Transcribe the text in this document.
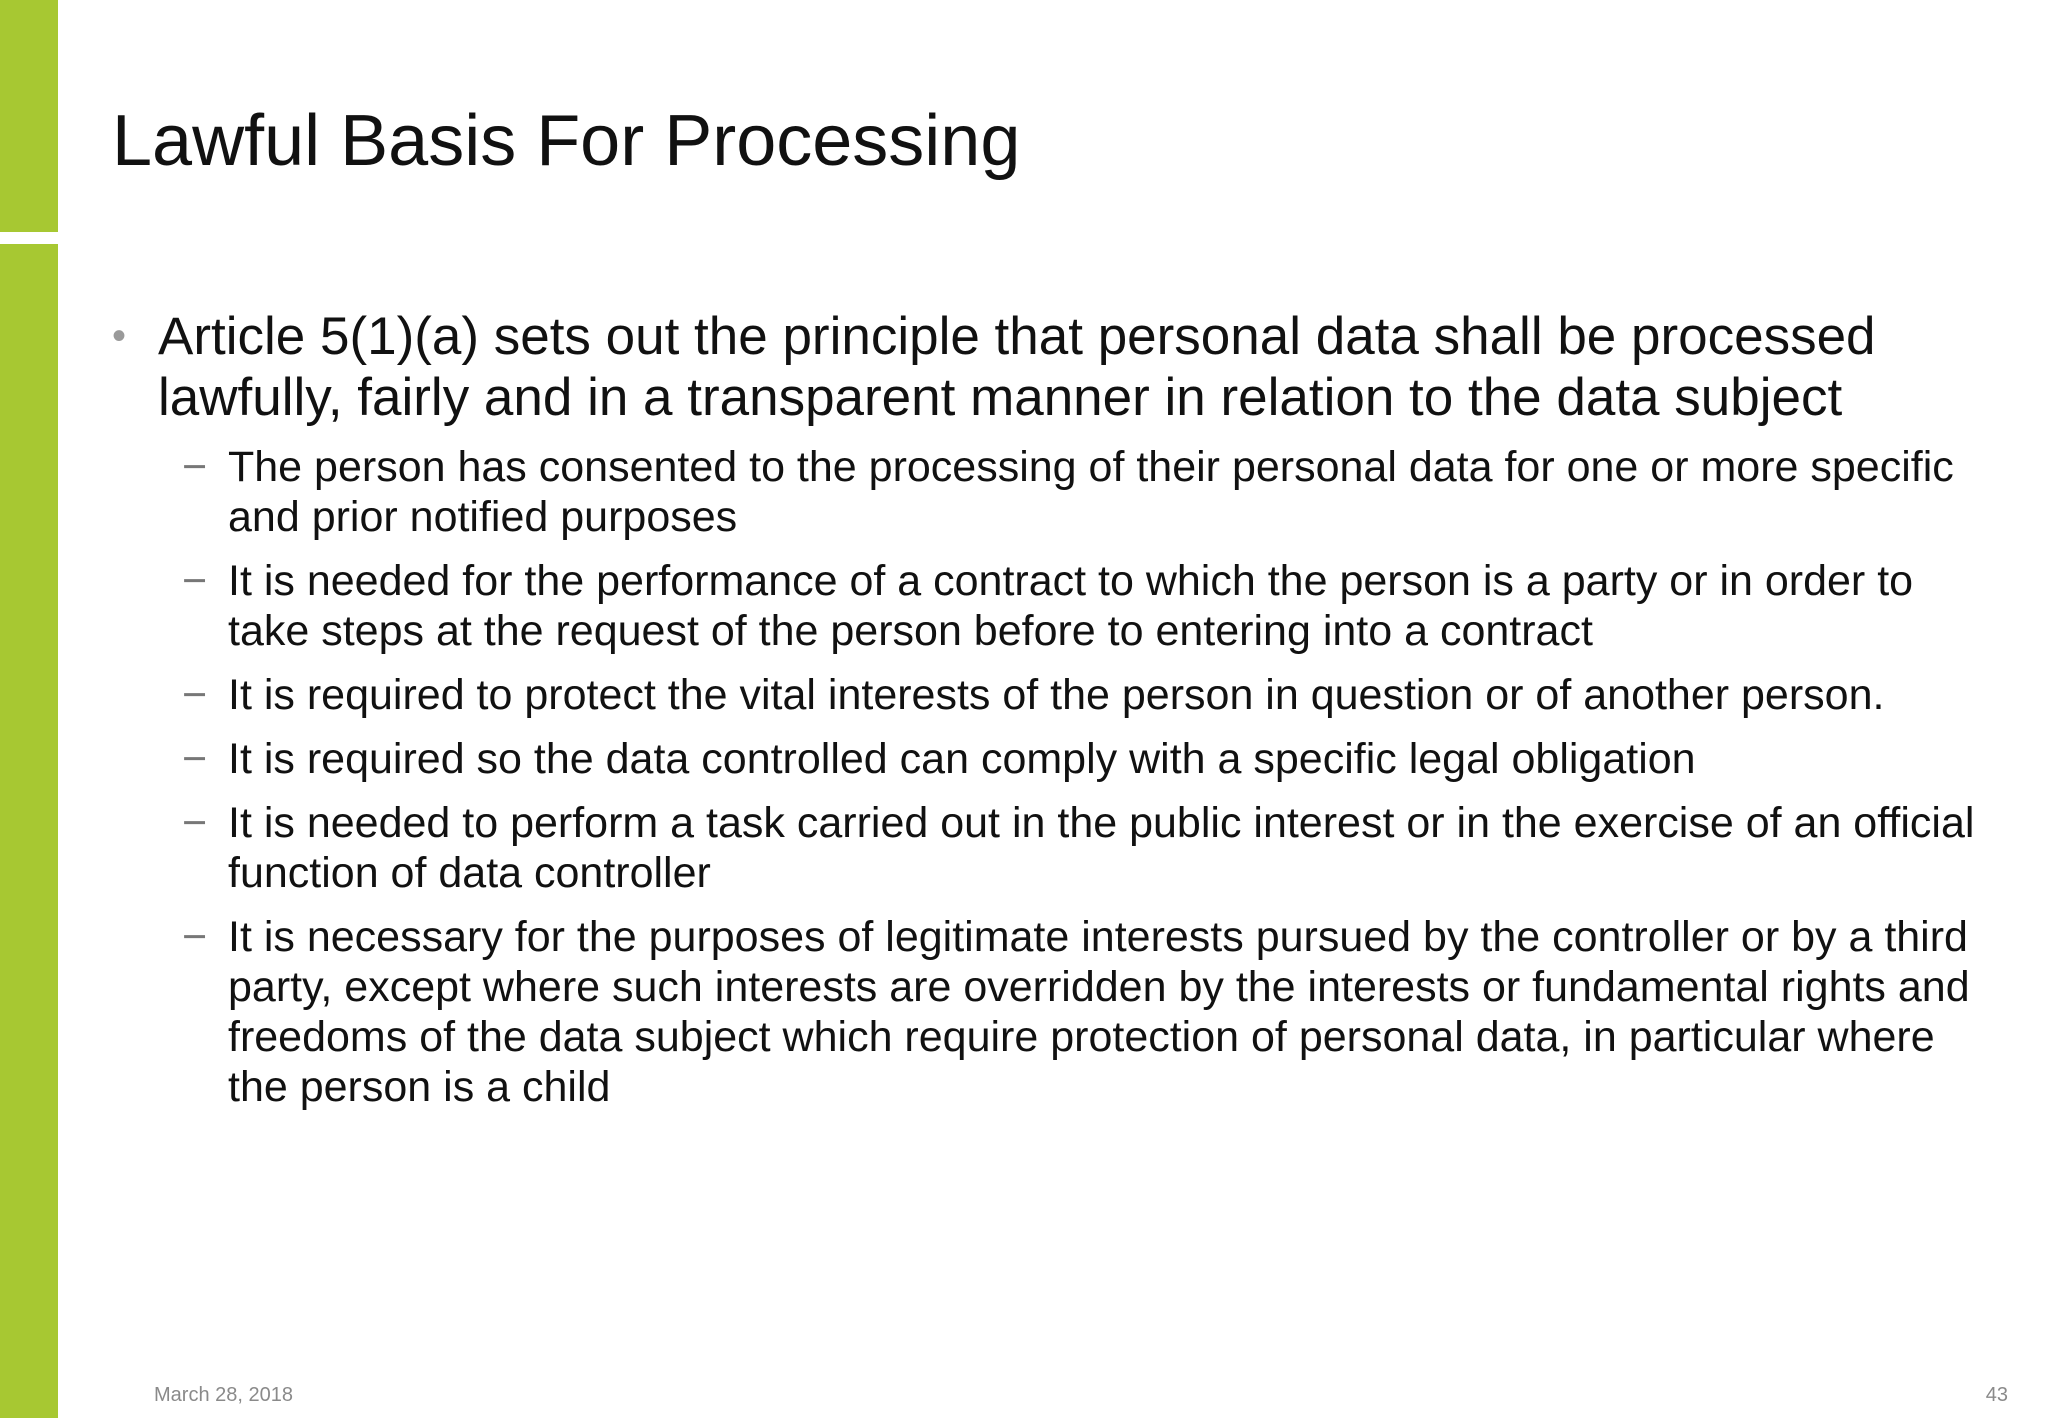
Lawful Basis For Processing
• Article 5(1)(a) sets out the principle that personal data shall be processed lawfully, fairly and in a transparent manner in relation to the data subject
− The person has consented to the processing of their personal data for one or more specific and prior notified purposes
− It is needed for the performance of a contract to which the person is a party or in order to take steps at the request of the person before to entering into a contract
− It is required to protect the vital interests of the person in question or of another person.
− It is required so the data controlled can comply with a specific legal obligation
− It is needed to perform a task carried out in the public interest or in the exercise of an official function of data controller
− It is necessary for the purposes of legitimate interests pursued by the controller or by a third party, except where such interests are overridden by the interests or fundamental rights and freedoms of the data subject which require protection of personal data, in particular where the person is a child
March 28, 2018	43
